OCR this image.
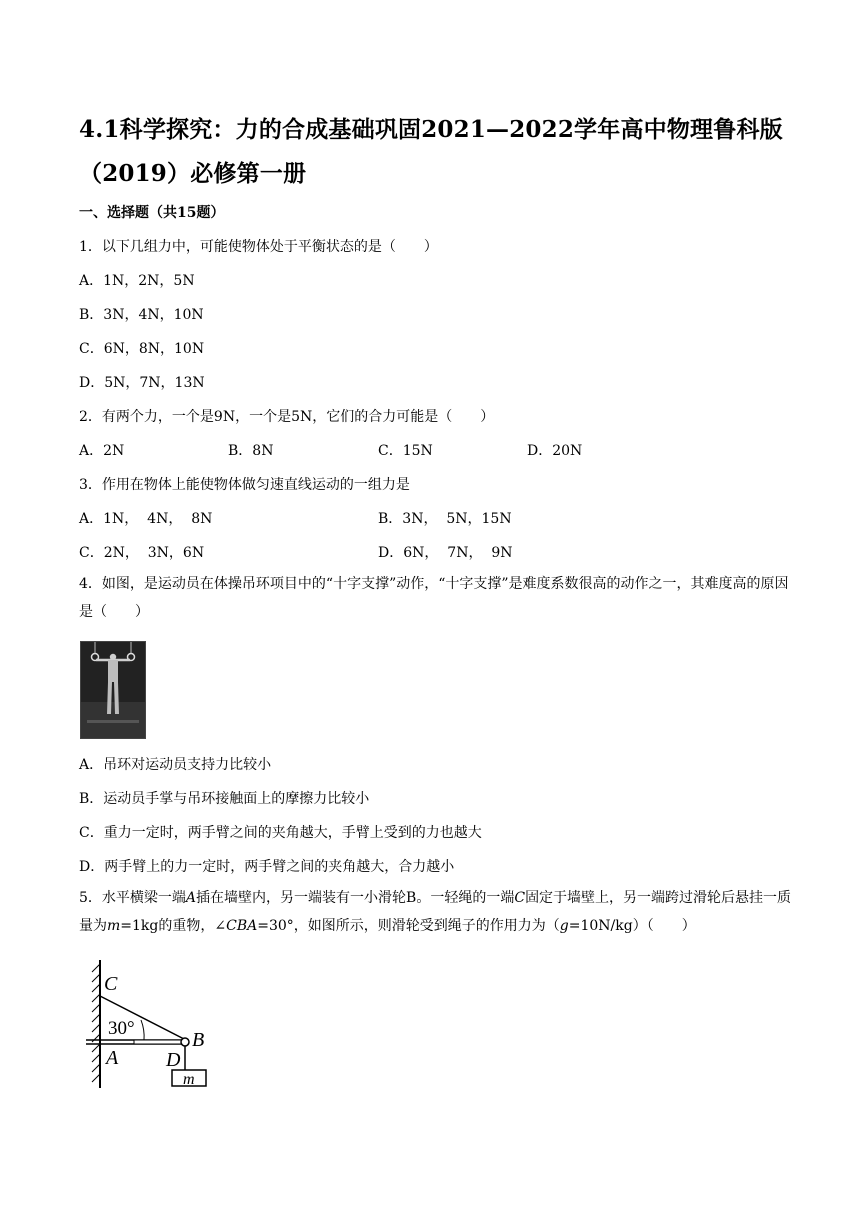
4.1科学探究：力的合成基础巩固2021—2022学年高中物理鲁科版（2019）必修第一册
一、选择题（共15题）
1．以下几组力中，可能使物体处于平衡状态的是（　　）
A．1N，2N，5N
B．3N，4N，10N
C．6N，8N，10N
D．5N，7N，13N
2．有两个力，一个是9N，一个是5N，它们的合力可能是（　　）
A．2N	B．8N	C．15N	D．20N
3．作用在物体上能使物体做匀速直线运动的一组力是
A．1N，  4N，  8N	B．3N，  5N，15N
C．2N，  3N，6N	D．6N，  7N，  9N
4．如图，是运动员在体操吊环项目中的“十字支撑”动作，“十字支撑”是难度系数很高的动作之一，其难度高的原因是（　　）
A．吊环对运动员支持力比较小
B．运动员手掌与吊环接触面上的摩擦力比较小
C．重力一定时，两手臂之间的夹角越大，手臂上受到的力也越大
D．两手臂上的力一定时，两手臂之间的夹角越大，合力越小
5．水平横梁一端A插在墙壁内，另一端装有一小滑轮B。一轻绳的一端C固定于墙壁上，另一端跨过滑轮后悬挂一质量为m=1kg的重物，∠CBA=30°，如图所示，则滑轮受到绳子的作用力为（g=10N/kg）（　　）
C
30°
A
B
D
m
